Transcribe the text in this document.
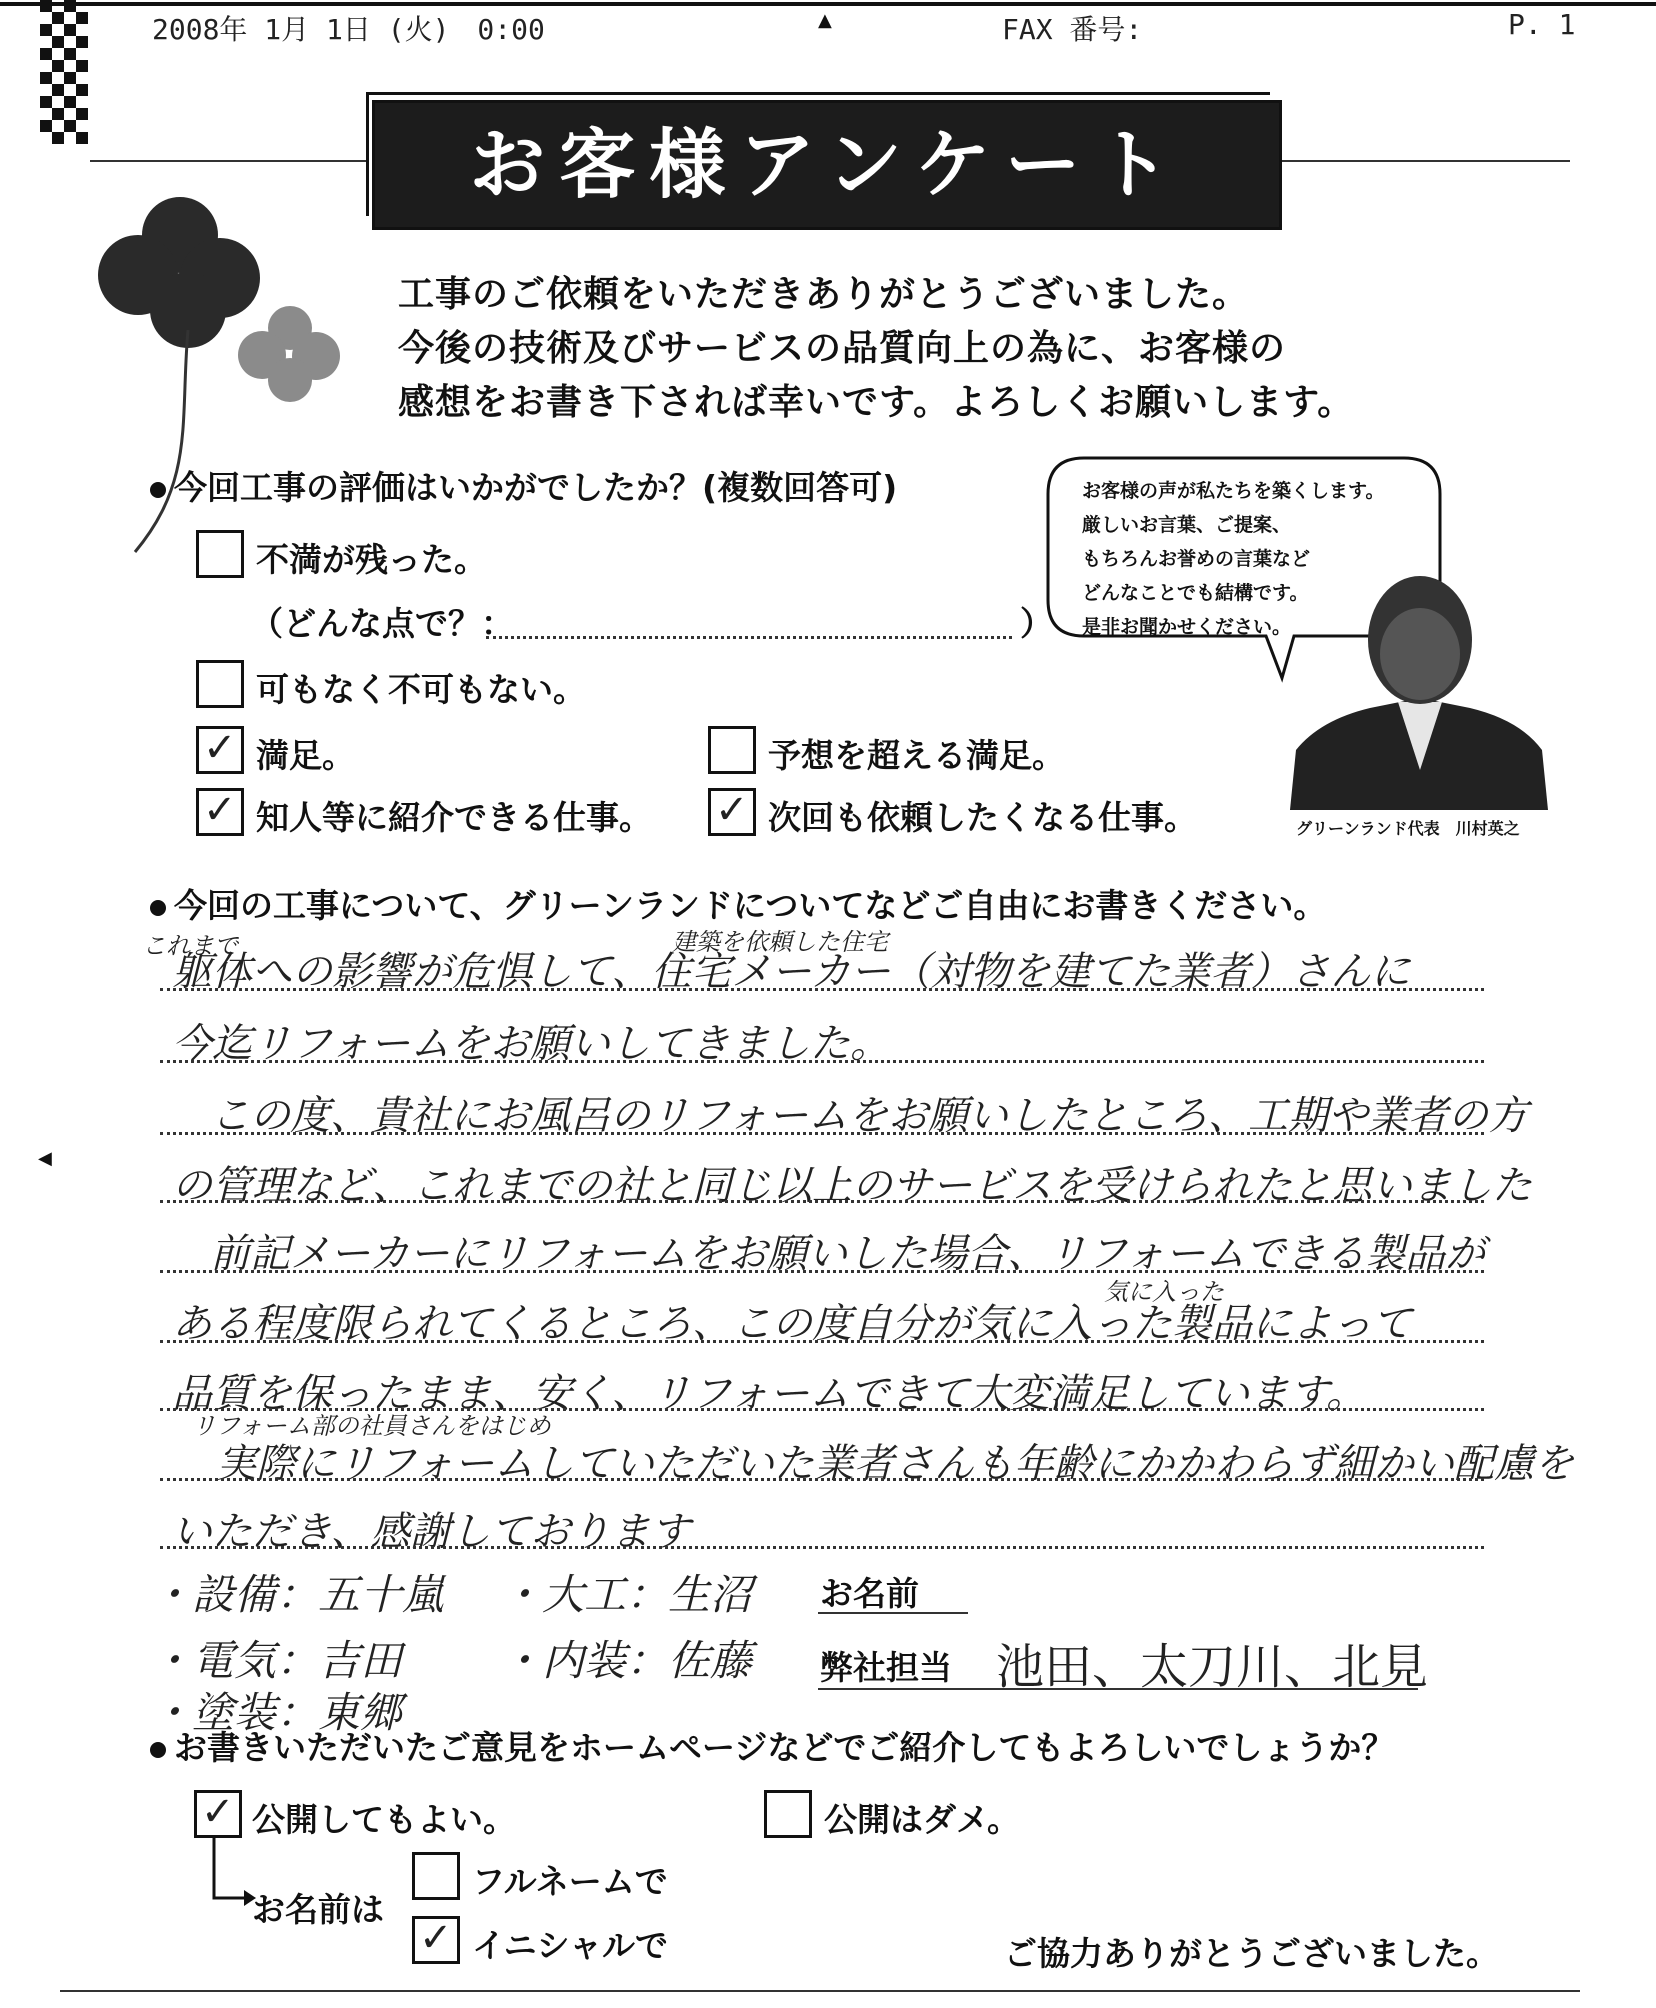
2008年 1月 1日 (火)　0:00	▲	FAX 番号:	P. 1
◀
お客様アンケート
工事のご依頼をいただきありがとうございました。
今後の技術及びサービスの品質向上の為に、お客様の
感想をお書き下されば幸いです。よろしくお願いします。
今回工事の評価はいかがでしたか？(複数回答可)
不満が残った。
（どんな点で？：	）
可もなく不可もない。
✓ 満足。	予想を超える満足。
✓ 知人等に紹介できる仕事。 ✓ 次回も依頼したくなる仕事。
お客様の声が私たちを築くします。
厳しいお言葉、ご提案、
もちろんお誉めの言葉など
どんなことでも結構です。
是非お聞かせください。
グリーンランド代表　川村英之
今回の工事について、グリーンランドについてなどご自由にお書きください。
これまで	建築を依頼した住宅
躯体への影響が危惧して、住宅メーカー（対物を建てた業者）さんに
今迄リフォームをお願いしてきました。
この度、貴社にお風呂のリフォームをお願いしたところ、工期や業者の方
の管理など、これまでの社と同じ以上のサービスを受けられたと思いました
前記メーカーにリフォームをお願いした場合、リフォームできる製品が
気に入った
ある程度限られてくるところ、この度自分が気に入った製品によって
品質を保ったまま、安く、リフォームできて大変満足しています。
リフォーム部の社員さんをはじめ
実際にリフォームしていただいた業者さんも年齢にかかわらず細かい配慮を
いただき、感謝しております
・設備：五十嵐 ・大工：生沼
・電気：吉田 ・内装：佐藤
・塗装：東郷
お名前
弊社担当 池田、太刀川、北見
お書きいただいたご意見をホームページなどでご紹介してもよろしいでしょうか？
✓ 公開してもよい。	公開はダメ。
お名前は
フルネームで
✓ イニシャルで	ご協力ありがとうございました。
